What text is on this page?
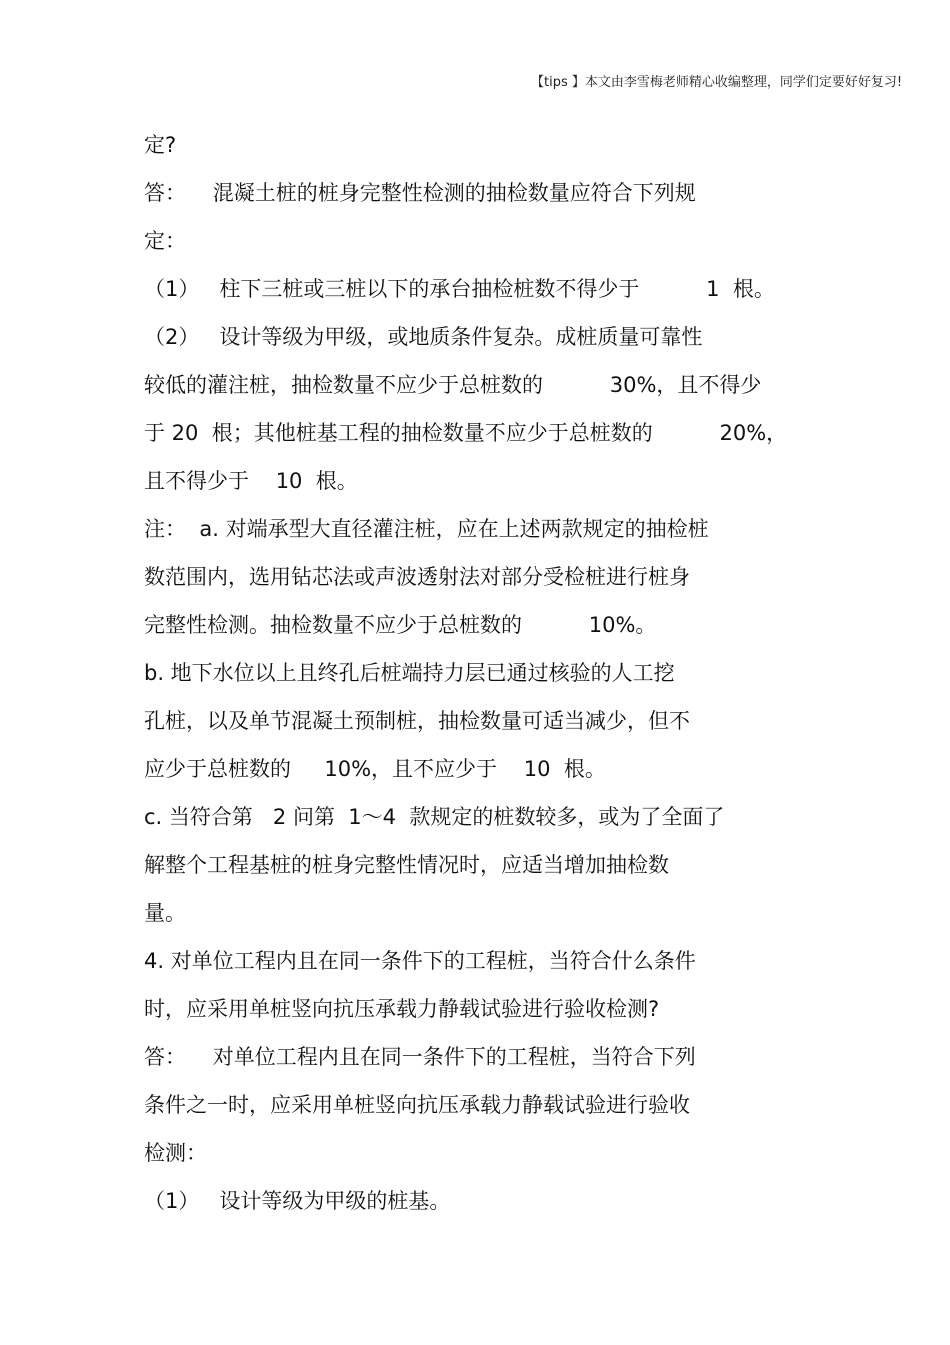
【tips 】本文由李雪梅老师精心收编整理，同学们定要好好复习!
定?
答：    混凝土桩的桩身完整性检测的抽检数量应符合下列规
定：
（1）   柱下三桩或三桩以下的承台抽检桩数不得少于          1  根。
（2）   设计等级为甲级，或地质条件复杂。成桩质量可靠性
较低的灌注桩，抽检数量不应少于总桩数的          30%，且不得少
于 20  根；其他桩基工程的抽检数量不应少于总桩数的          20%，
且不得少于    10  根。
注：  a. 对端承型大直径灌注桩，应在上述两款规定的抽检桩
数范围内，选用钻芯法或声波透射法对部分受检桩进行桩身
完整性检测。抽检数量不应少于总桩数的          10%。
b. 地下水位以上且终孔后桩端持力层已通过核验的人工挖
孔桩，以及单节混凝土预制桩，抽检数量可适当减少，但不
应少于总桩数的     10%，且不应少于    10  根。
c. 当符合第   2 问第  1～4  款规定的桩数较多，或为了全面了
解整个工程基桩的桩身完整性情况时，应适当增加抽检数
量。
4. 对单位工程内且在同一条件下的工程桩，当符合什么条件
时，应采用单桩竖向抗压承载力静载试验进行验收检测?
答：    对单位工程内且在同一条件下的工程桩，当符合下列
条件之一时，应采用单桩竖向抗压承载力静载试验进行验收
检测：
（1）   设计等级为甲级的桩基。
